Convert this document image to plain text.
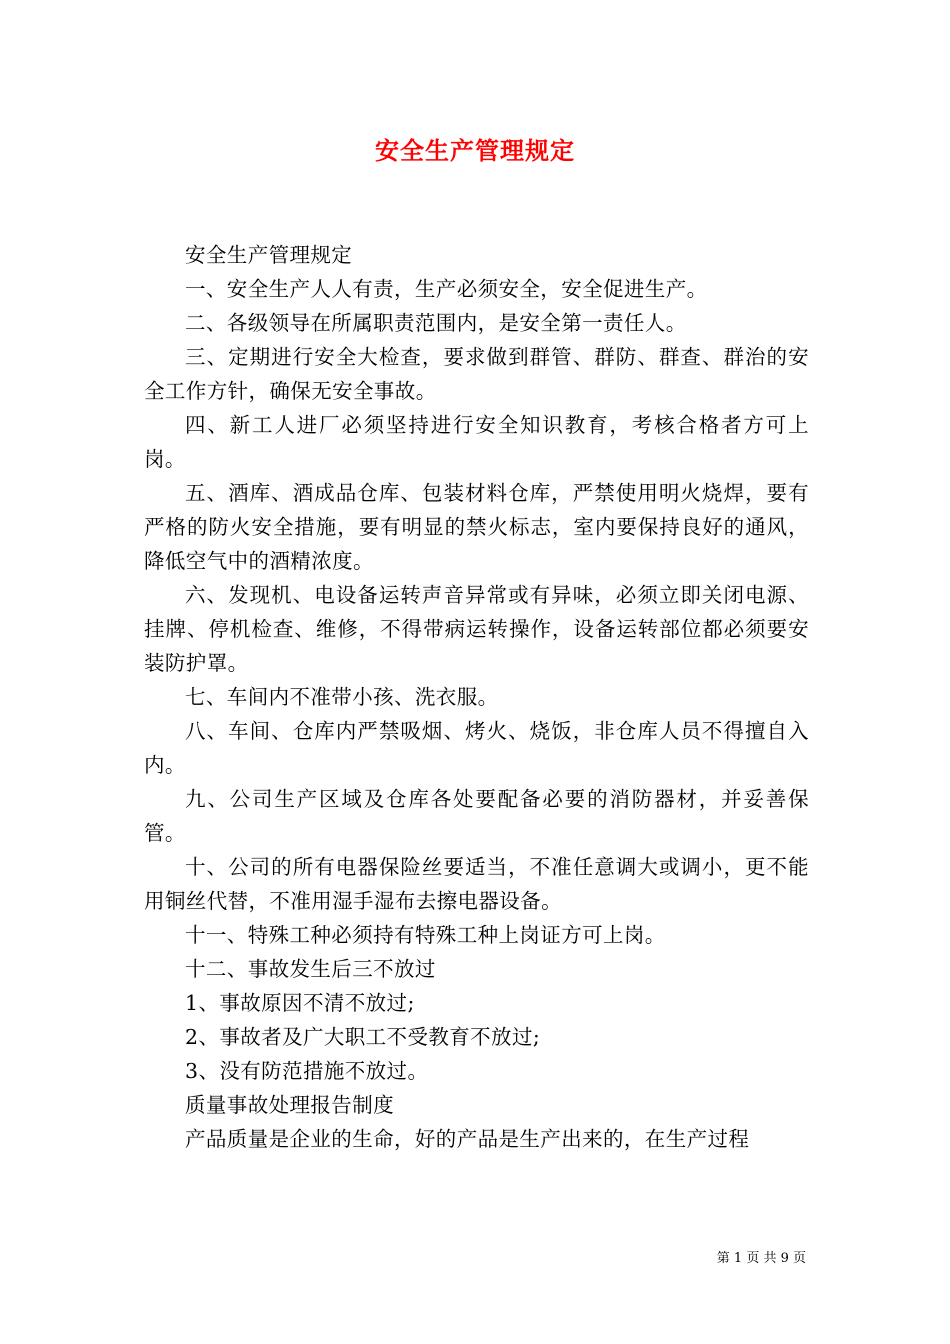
安全生产管理规定

安全生产管理规定

一、安全生产人人有责，生产必须安全，安全促进生产。

二、各级领导在所属职责范围内，是安全第一责任人。

三、定期进行安全大检查，要求做到群管、群防、群查、群治的安全工作方针，确保无安全事故。

四、新工人进厂必须坚持进行安全知识教育，考核合格者方可上岗。

五、酒库、酒成品仓库、包装材料仓库，严禁使用明火烧焊，要有严格的防火安全措施，要有明显的禁火标志，室内要保持良好的通风，降低空气中的酒精浓度。

六、发现机、电设备运转声音异常或有异味，必须立即关闭电源、挂牌、停机检查、维修，不得带病运转操作，设备运转部位都必须要安装防护罩。

七、车间内不准带小孩、洗衣服。

八、车间、仓库内严禁吸烟、烤火、烧饭，非仓库人员不得擅自入内。

九、公司生产区域及仓库各处要配备必要的消防器材，并妥善保管。

十、公司的所有电器保险丝要适当，不准任意调大或调小，更不能用铜丝代替，不准用湿手湿布去擦电器设备。

十一、特殊工种必须持有特殊工种上岗证方可上岗。

十二、事故发生后三不放过

1、事故原因不清不放过;

2、事故者及广大职工不受教育不放过;

3、没有防范措施不放过。

质量事故处理报告制度

产品质量是企业的生命，好的产品是生产出来的，在生产过程

第 1 页 共 9 页
